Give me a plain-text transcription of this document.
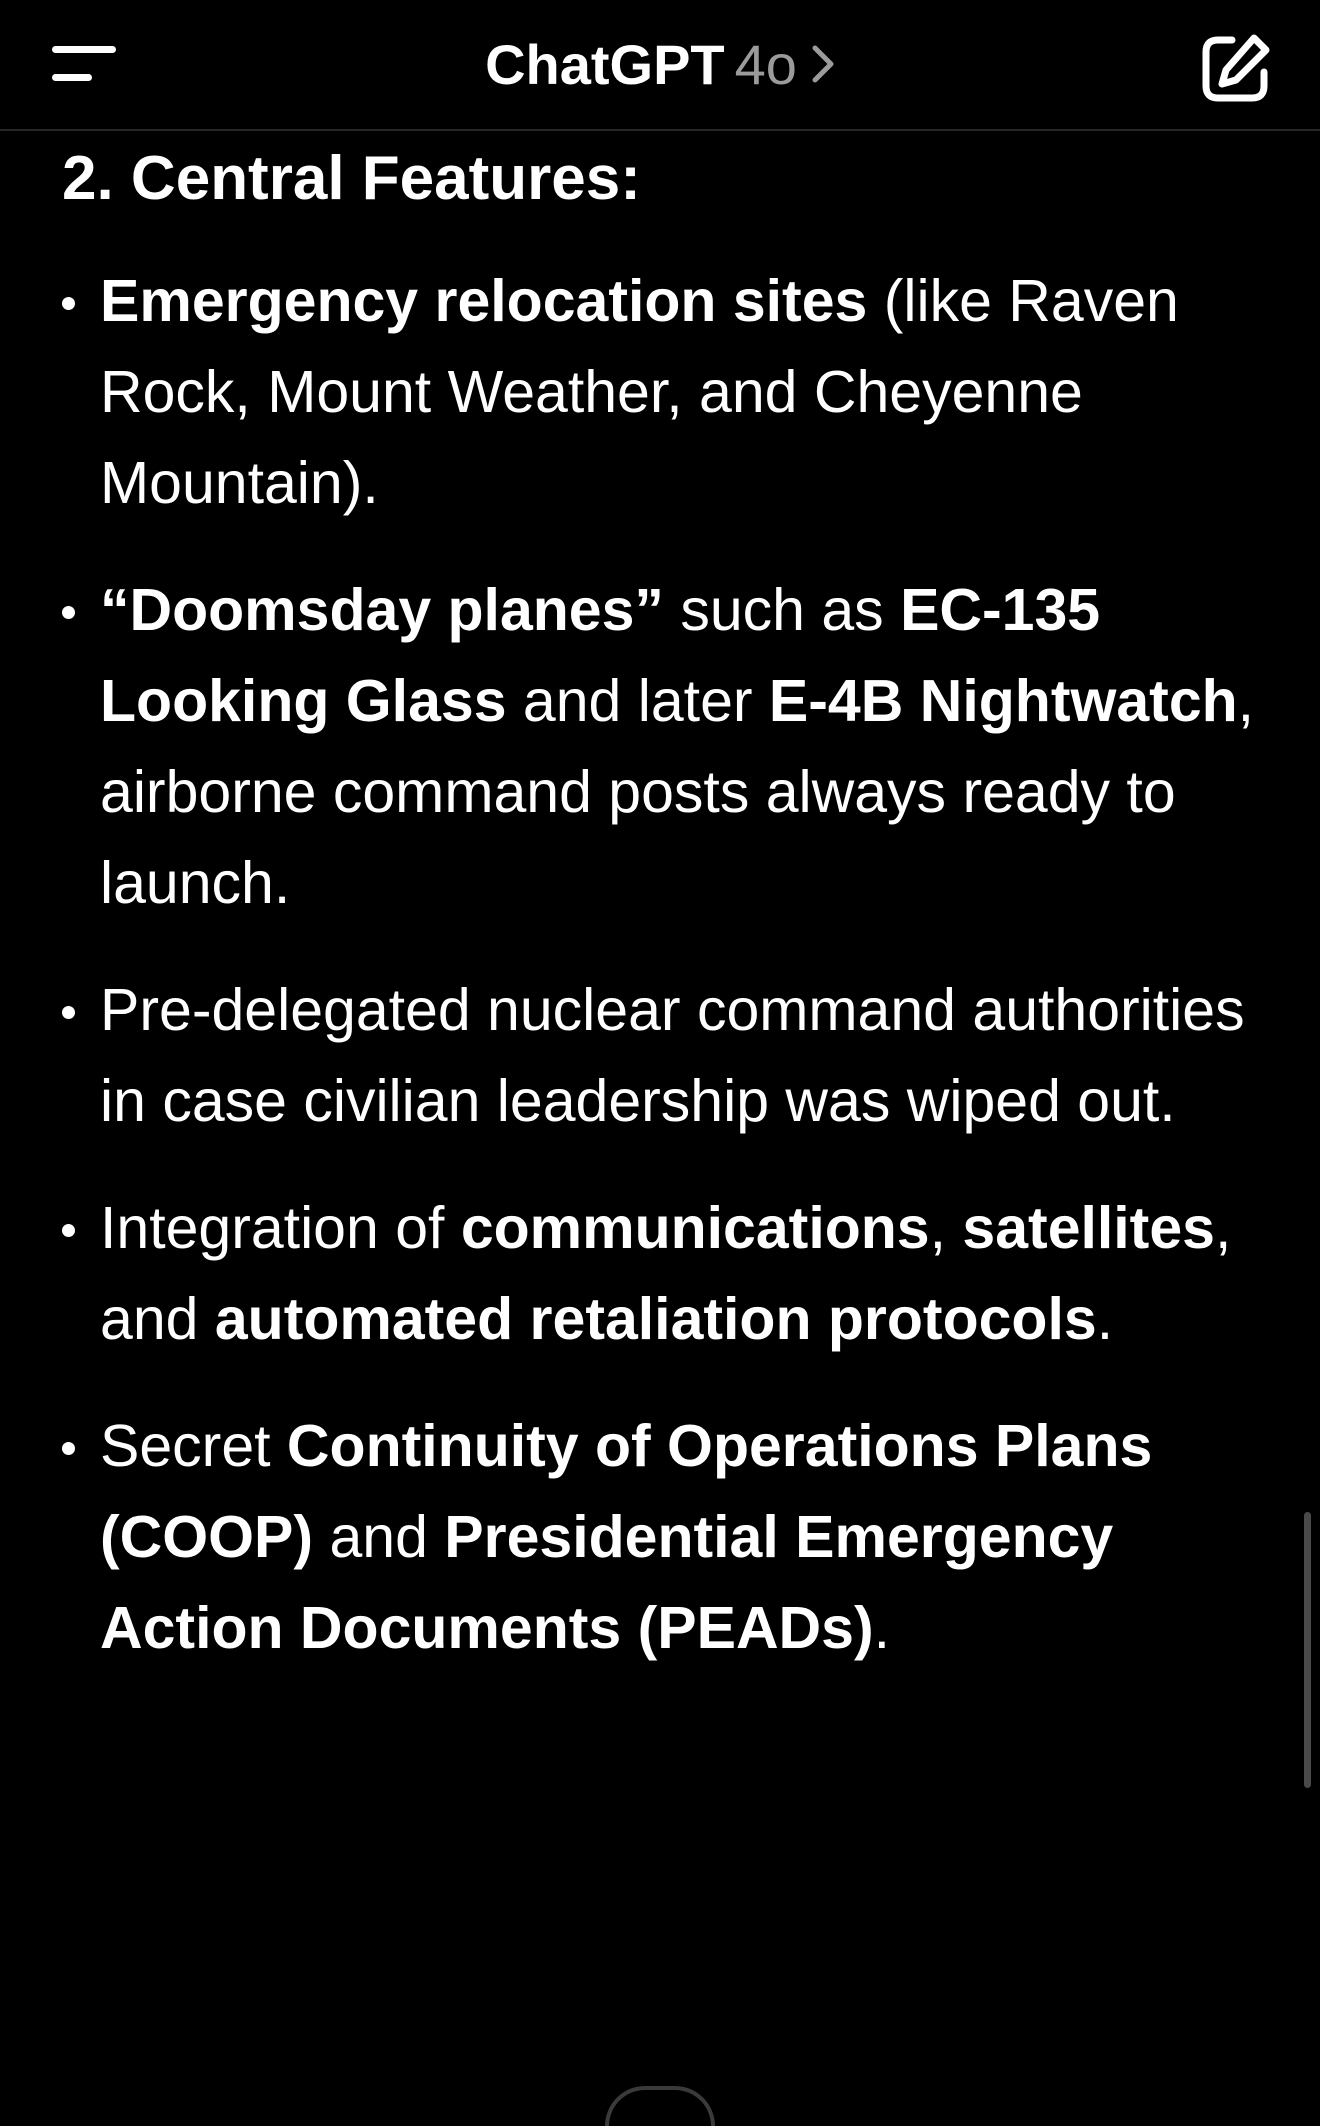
ChatGPT 4o
2. Central Features:
Emergency relocation sites (like Raven Rock, Mount Weather, and Cheyenne Mountain).
“Doomsday planes” such as EC-135 Looking Glass and later E-4B Nightwatch, airborne command posts always ready to launch.
Pre-delegated nuclear command authorities in case civilian leadership was wiped out.
Integration of communications, satellites, and automated retaliation protocols.
Secret Continuity of Operations Plans (COOP) and Presidential Emergency Action Documents (PEADs).
